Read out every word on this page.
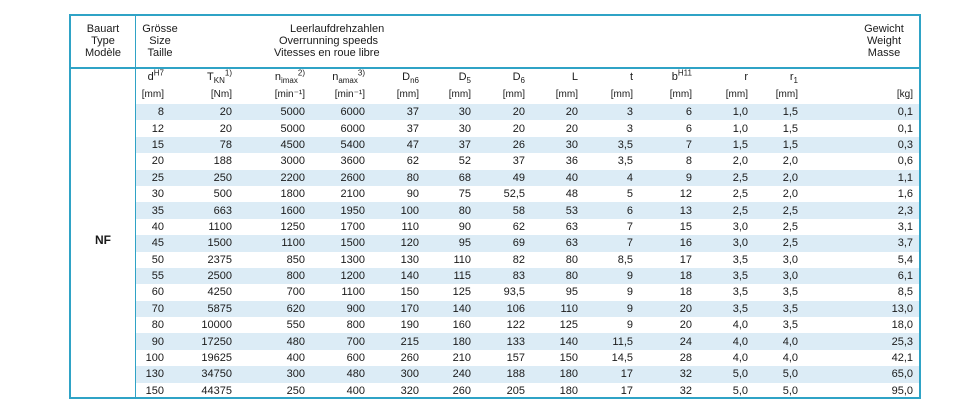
Bauart
Type
Modèle
Grösse
Size
Taille
Leerlaufdrehzahlen
Overrunning speeds
Vitesses en roue libre
Gewicht
Weight
Masse
NF
$d^{H7}$	$T_{KN}^{1)}$	$n_{imax}^{2)}$	$n_{amax}^{3)}$	$D_{n6}$	$D_5$	$D_6$	L	t	$b^{H11}$	r	$r_1$	
[mm]	[Nm]	[min⁻¹]	[min⁻¹]	[mm]	[mm]	[mm]	[mm]	[mm]	[mm]	[mm]	[mm]	[kg]
8	20	5000	6000	37	30	20	20	3	6	1,0	1,5	0,1
12	20	5000	6000	37	30	20	20	3	6	1,0	1,5	0,1
15	78	4500	5400	47	37	26	30	3,5	7	1,5	1,5	0,3
20	188	3000	3600	62	52	37	36	3,5	8	2,0	2,0	0,6
25	250	2200	2600	80	68	49	40	4	9	2,5	2,0	1,1
30	500	1800	2100	90	75	52,5	48	5	12	2,5	2,0	1,6
35	663	1600	1950	100	80	58	53	6	13	2,5	2,5	2,3
40	1100	1250	1700	110	90	62	63	7	15	3,0	2,5	3,1
45	1500	1100	1500	120	95	69	63	7	16	3,0	2,5	3,7
50	2375	850	1300	130	110	82	80	8,5	17	3,5	3,0	5,4
55	2500	800	1200	140	115	83	80	9	18	3,5	3,0	6,1
60	4250	700	1100	150	125	93,5	95	9	18	3,5	3,5	8,5
70	5875	620	900	170	140	106	110	9	20	3,5	3,5	13,0
80	10000	550	800	190	160	122	125	9	20	4,0	3,5	18,0
90	17250	480	700	215	180	133	140	11,5	24	4,0	4,0	25,3
100	19625	400	600	260	210	157	150	14,5	28	4,0	4,0	42,1
130	34750	300	480	300	240	188	180	17	32	5,0	5,0	65,0
150	44375	250	400	320	260	205	180	17	32	5,0	5,0	95,0
